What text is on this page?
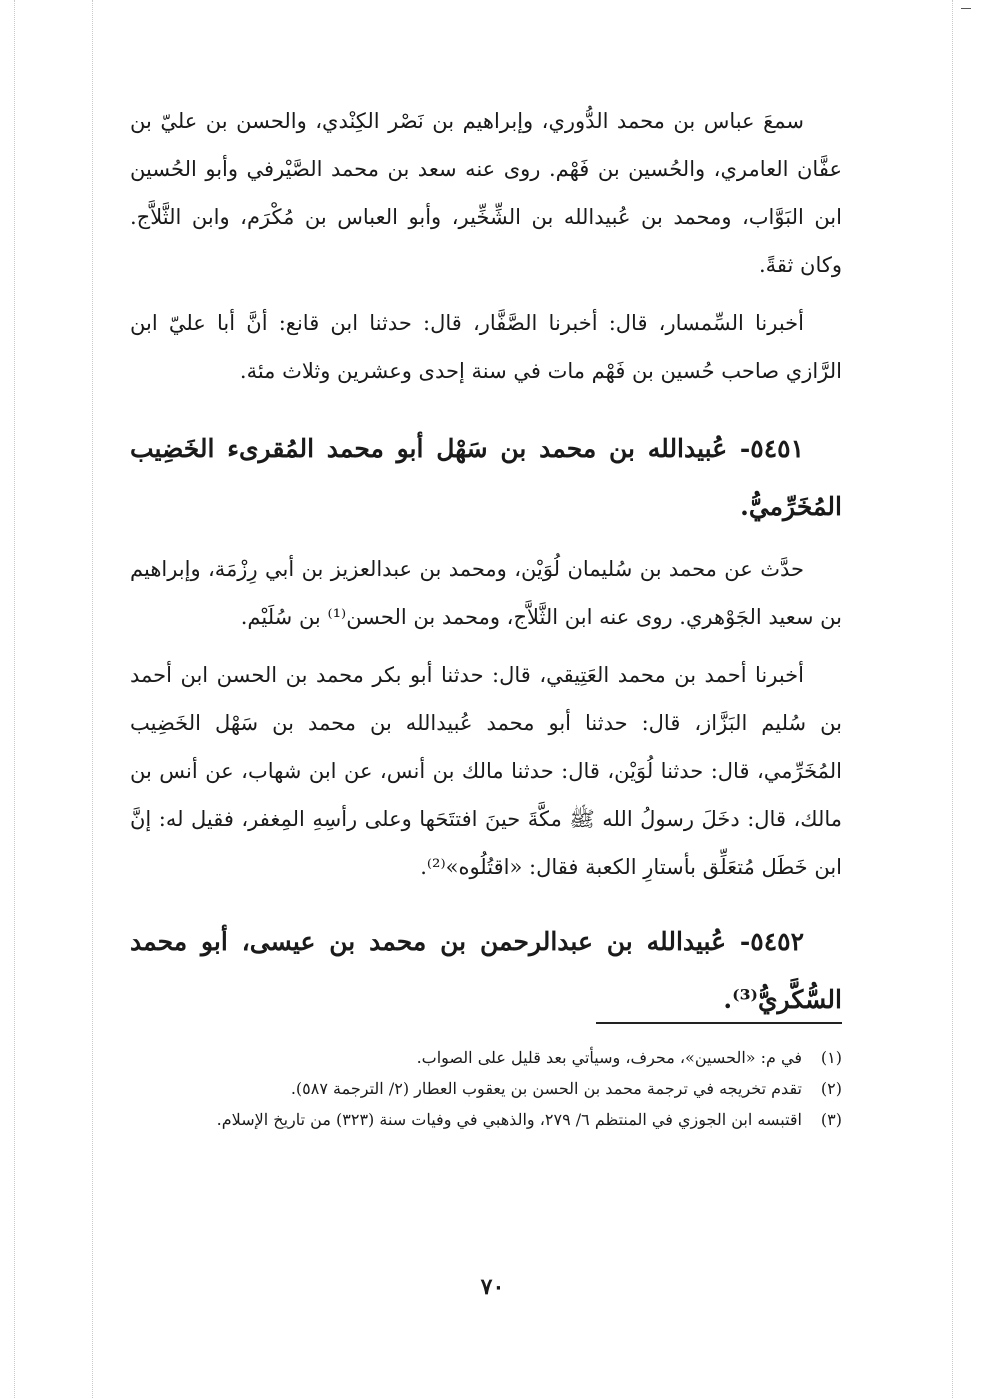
سمعَ عباس بن محمد الدُّوري، وإبراهيم بن نَصْر الكِنْدي، والحسن بن عليّ بن عفَّان العامري، والحُسين بن فَهْم. روى عنه سعد بن محمد الصَّيْرفي وأبو الحُسين ابن البَوَّاب، ومحمد بن عُبيدالله بن الشِّخِّير، وأبو العباس بن مُكْرَم، وابن الثَّلاَّج. وكان ثقةً.

أخبرنا السِّمسار، قال: أخبرنا الصَّفَّار، قال: حدثنا ابن قانع: أنَّ أبا عليّ ابن الرَّازي صاحب حُسين بن فَهْم مات في سنة إحدى وعشرين وثلاث مئة.

٥٤٥١- عُبيدالله بن محمد بن سَهْل أبو محمد المُقرىء الخَضِيب المُخَرِّميُّ.

حدَّث عن محمد بن سُليمان لُوَيْن، ومحمد بن عبدالعزيز بن أبي رِزْمَة، وإبراهيم بن سعيد الجَوْهري. روى عنه ابن الثَّلاَّج، ومحمد بن الحسن⁽¹⁾ بن سُلَيْم.

أخبرنا أحمد بن محمد العَتِيقي، قال: حدثنا أبو بكر محمد بن الحسن ابن أحمد بن سُليم البَزَّاز، قال: حدثنا أبو محمد عُبيدالله بن محمد بن سَهْل الخَضِيب المُخَرِّمي، قال: حدثنا لُوَيْن، قال: حدثنا مالك بن أنس، عن ابن شهاب، عن أنس بن مالك، قال: دخَلَ رسولُ الله ﷺ مكَّةَ حينَ افتتَحَها وعلى رأسِهِ المِغفر، فقيل له: إنَّ ابن خَطَل مُتعَلِّق بأستارِ الكعبة فقال: «اقتُلُوه»⁽²⁾.

٥٤٥٢- عُبيدالله بن عبدالرحمن بن محمد بن عيسى، أبو محمد السُّكَّريُّ⁽³⁾.

(١)
في م: «الحسين»، محرف، وسيأتي بعد قليل على الصواب.
(٢)
تقدم تخريجه في ترجمة محمد بن الحسن بن يعقوب العطار (٢/ الترجمة ٥٨٧).
(٣)
اقتبسه ابن الجوزي في المنتظم ٦/ ٢٧٩، والذهبي في وفيات سنة (٣٢٣) من تاريخ الإسلام.
٧٠
